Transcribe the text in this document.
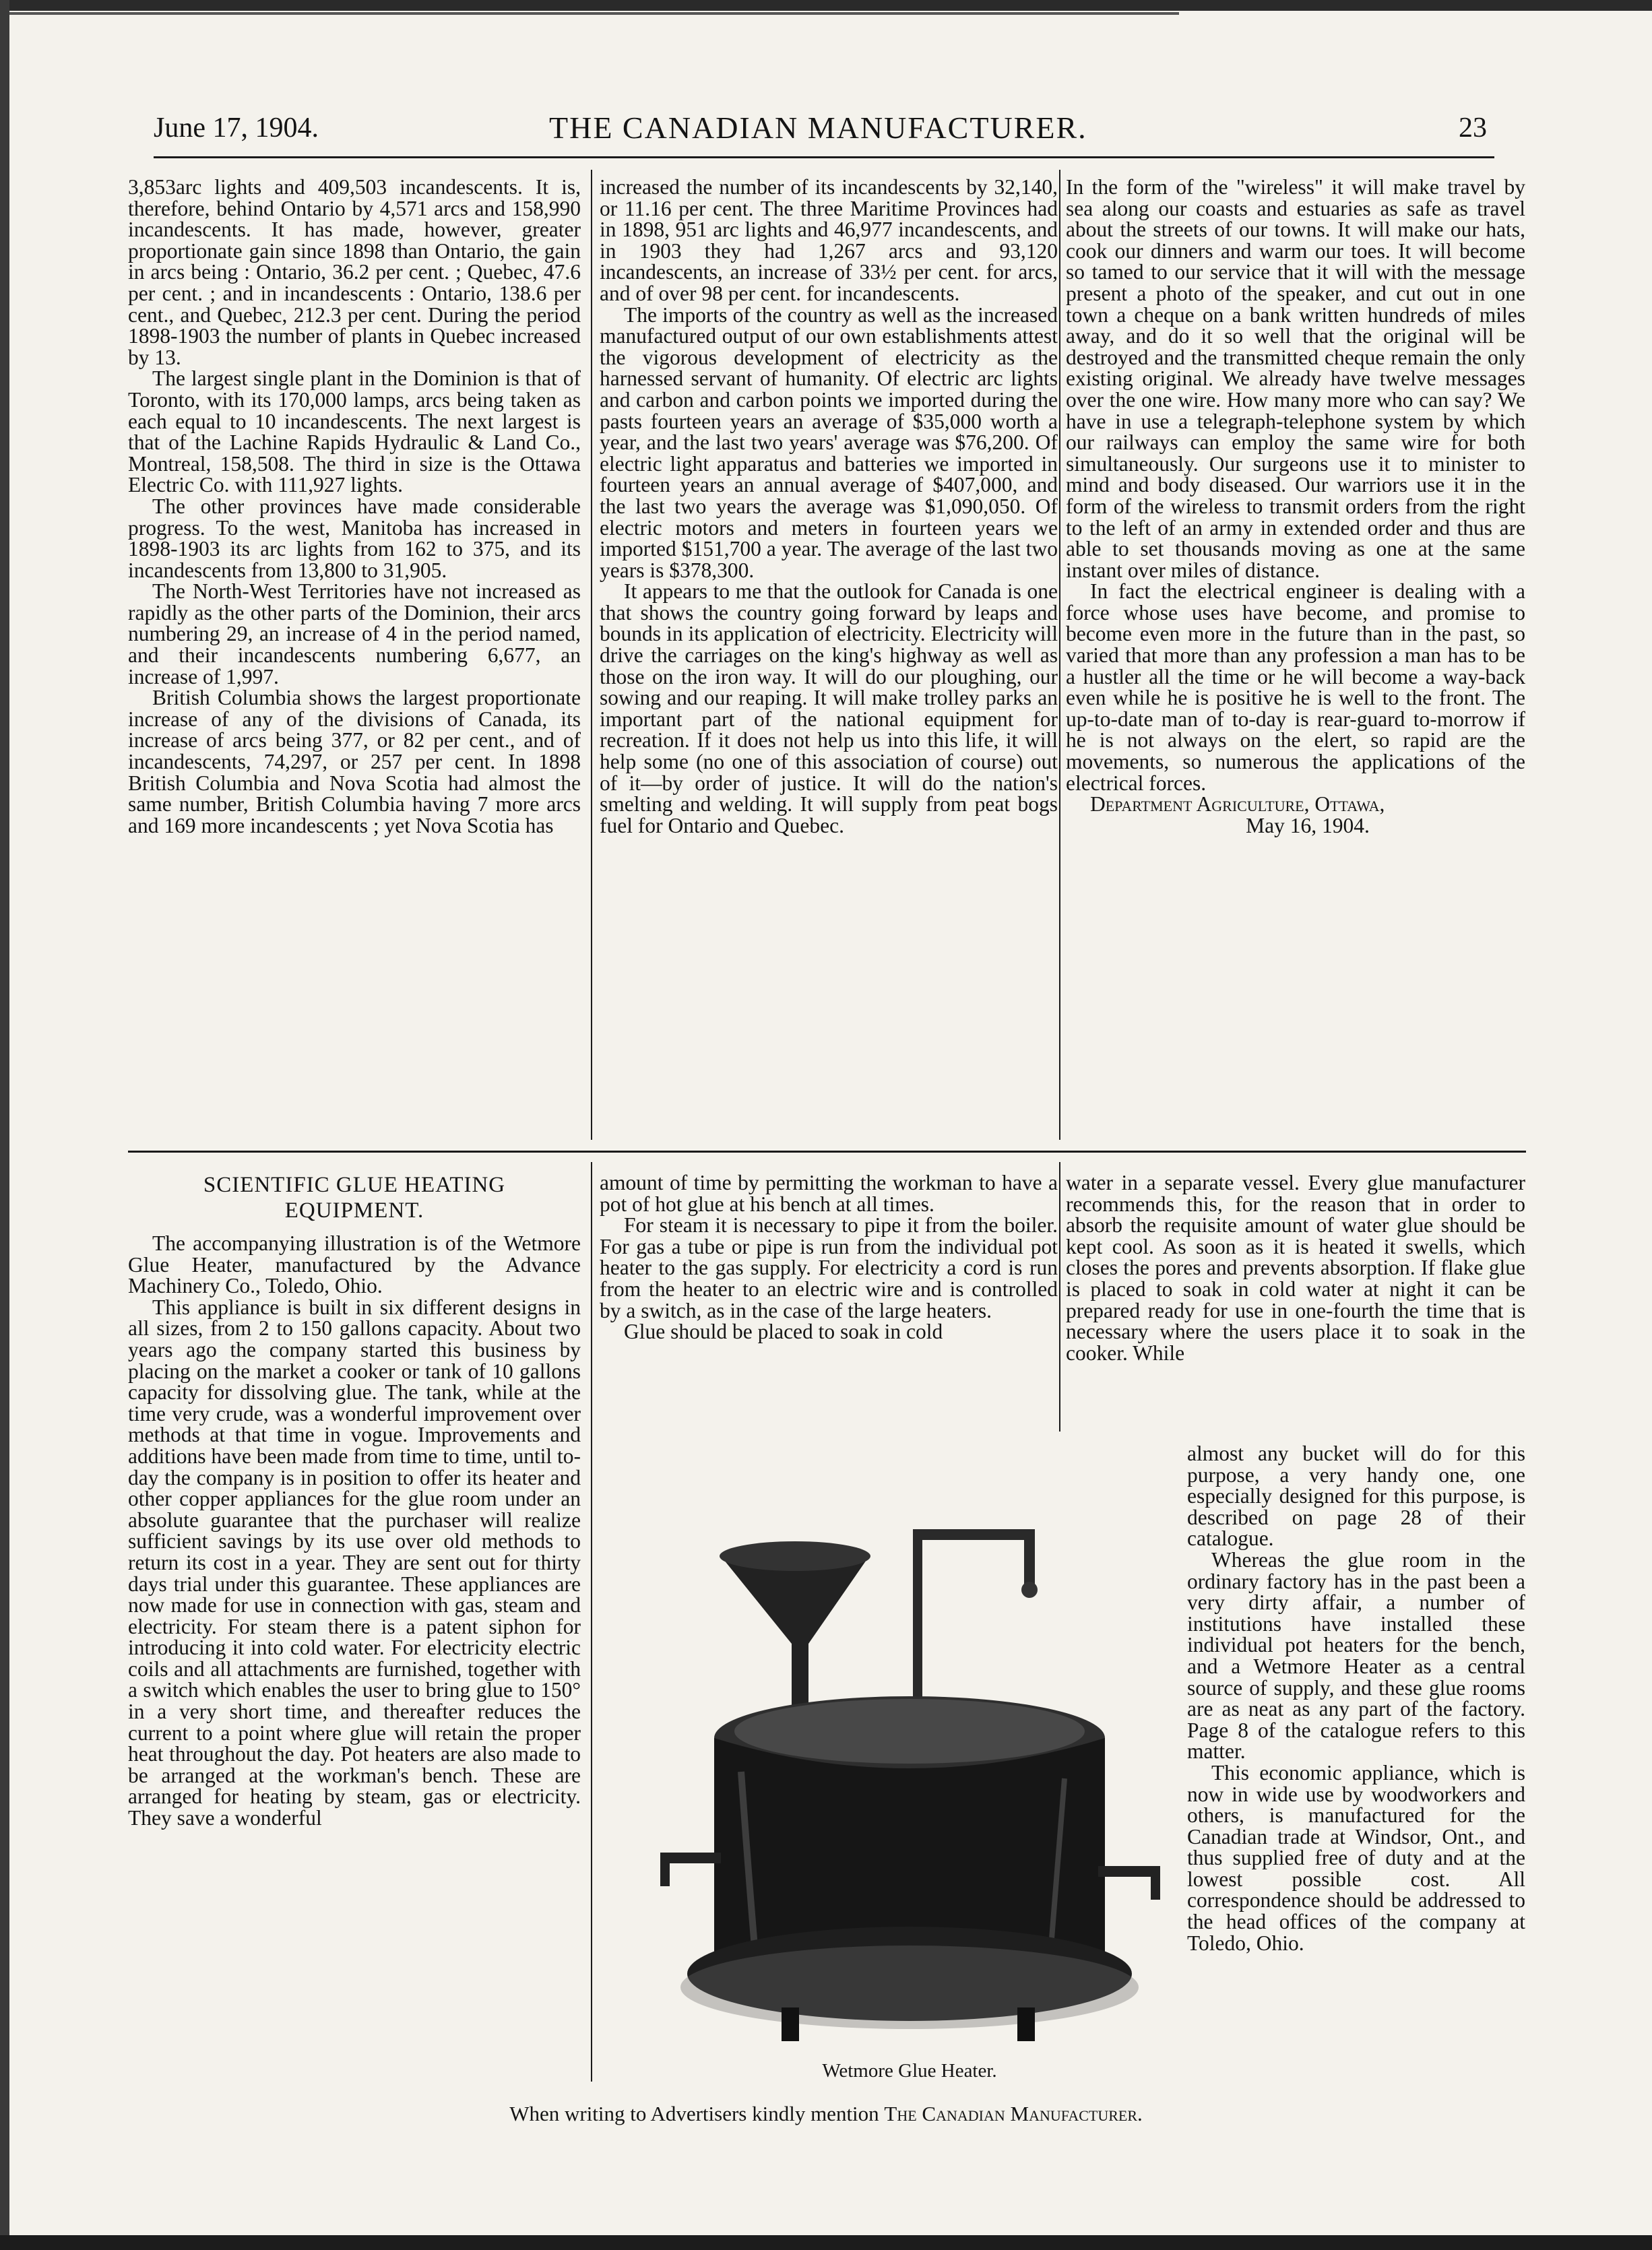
June 17, 1904.	THE CANADIAN MANUFACTURER.	23

3,853arc lights and 409,503 incandescents. It is, therefore, behind Ontario by 4,571 arcs and 158,990 incandescents. It has made, however, greater proportionate gain since 1898 than Ontario, the gain in arcs being : Ontario, 36.2 per cent. ; Quebec, 47.6 per cent. ; and in incandescents : Ontario, 138.6 per cent., and Quebec, 212.3 per cent. During the period 1898-1903 the number of plants in Quebec increased by 13.

The largest single plant in the Dominion is that of Toronto, with its 170,000 lamps, arcs being taken as each equal to 10 incandescents. The next largest is that of the Lachine Rapids Hydraulic & Land Co., Montreal, 158,508. The third in size is the Ottawa Electric Co. with 111,927 lights.

The other provinces have made considerable progress. To the west, Manitoba has increased in 1898-1903 its arc lights from 162 to 375, and its incandescents from 13,800 to 31,905.

The North-West Territories have not increased as rapidly as the other parts of the Dominion, their arcs numbering 29, an increase of 4 in the period named, and their incandescents numbering 6,677, an increase of 1,997.

British Columbia shows the largest proportionate increase of any of the divisions of Canada, its increase of arcs being 377, or 82 per cent., and of incandescents, 74,297, or 257 per cent. In 1898 British Columbia and Nova Scotia had almost the same number, British Columbia having 7 more arcs and 169 more incandescents ; yet Nova Scotia has

increased the number of its incandescents by 32,140, or 11.16 per cent. The three Maritime Provinces had in 1898, 951 arc lights and 46,977 incandescents, and in 1903 they had 1,267 arcs and 93,120 incandescents, an increase of 33½ per cent. for arcs, and of over 98 per cent. for incandescents.

The imports of the country as well as the increased manufactured output of our own establishments attest the vigorous development of electricity as the harnessed servant of humanity. Of electric arc lights and carbon and carbon points we imported during the pasts fourteen years an average of $35,000 worth a year, and the last two years' average was $76,200. Of electric light apparatus and batteries we imported in fourteen years an annual average of $407,000, and the last two years the average was $1,090,050. Of electric motors and meters in fourteen years we imported $151,700 a year. The average of the last two years is $378,300.

It appears to me that the outlook for Canada is one that shows the country going forward by leaps and bounds in its application of electricity. Electricity will drive the carriages on the king's highway as well as those on the iron way. It will do our ploughing, our sowing and our reaping. It will make trolley parks an important part of the national equipment for recreation. If it does not help us into this life, it will help some (no one of this association of course) out of it—by order of justice. It will do the nation's smelting and welding. It will supply from peat bogs fuel for Ontario and Quebec.

In the form of the "wireless" it will make travel by sea along our coasts and estuaries as safe as travel about the streets of our towns. It will make our hats, cook our dinners and warm our toes. It will become so tamed to our service that it will with the message present a photo of the speaker, and cut out in one town a cheque on a bank written hundreds of miles away, and do it so well that the original will be destroyed and the transmitted cheque remain the only existing original. We already have twelve messages over the one wire. How many more who can say? We have in use a telegraph-telephone system by which our railways can employ the same wire for both simultaneously. Our surgeons use it to minister to mind and body diseased. Our warriors use it in the form of the wireless to transmit orders from the right to the left of an army in extended order and thus are able to set thousands moving as one at the same instant over miles of distance.

In fact the electrical engineer is dealing with a force whose uses have become, and promise to become even more in the future than in the past, so varied that more than any profession a man has to be a hustler all the time or he will become a way-back even while he is positive he is well to the front. The up-to-date man of to-day is rear-guard to-morrow if he is not always on the elert, so rapid are the movements, so numerous the applications of the electrical forces.

Department Agriculture, Ottawa,

May 16, 1904.

SCIENTIFIC GLUE HEATING
EQUIPMENT.

The accompanying illustration is of the Wetmore Glue Heater, manufactured by the Advance Machinery Co., Toledo, Ohio.

This appliance is built in six different designs in all sizes, from 2 to 150 gallons capacity. About two years ago the company started this business by placing on the market a cooker or tank of 10 gallons capacity for dissolving glue. The tank, while at the time very crude, was a wonderful improvement over methods at that time in vogue. Improvements and additions have been made from time to time, until to-day the company is in position to offer its heater and other copper appliances for the glue room under an absolute guarantee that the purchaser will realize sufficient savings by its use over old methods to return its cost in a year. They are sent out for thirty days trial under this guarantee. These appliances are now made for use in connection with gas, steam and electricity. For steam there is a patent siphon for introducing it into cold water. For electricity electric coils and all attachments are furnished, together with a switch which enables the user to bring glue to 150° in a very short time, and thereafter reduces the current to a point where glue will retain the proper heat throughout the day. Pot heaters are also made to be arranged at the workman's bench. These are arranged for heating by steam, gas or electricity. They save a wonderful

amount of time by permitting the workman to have a pot of hot glue at his bench at all times.

For steam it is necessary to pipe it from the boiler. For gas a tube or pipe is run from the individual pot heater to the gas supply. For electricity a cord is run from the heater to an electric wire and is controlled by a switch, as in the case of the large heaters.

Glue should be placed to soak in cold

water in a separate vessel. Every glue manufacturer recommends this, for the reason that in order to absorb the requisite amount of water glue should be kept cool. As soon as it is heated it swells, which closes the pores and prevents absorption. If flake glue is placed to soak in cold water at night it can be prepared ready for use in one-fourth the time that is necessary where the users place it to soak in the cooker. While

almost any bucket will do for this purpose, a very handy one, one especially designed for this purpose, is described on page 28 of their catalogue.

Whereas the glue room in the ordinary factory has in the past been a very dirty affair, a number of institutions have installed these individual pot heaters for the bench, and a Wetmore Heater as a central source of supply, and these glue rooms are as neat as any part of the factory. Page 8 of the catalogue refers to this matter.

This economic appliance, which is now in wide use by woodworkers and others, is manufactured for the Canadian trade at Windsor, Ont., and thus supplied free of duty and at the lowest possible cost. All correspondence should be addressed to the head offices of the company at Toledo, Ohio.

Wetmore Glue Heater.
When writing to Advertisers kindly mention The Canadian Manufacturer.
